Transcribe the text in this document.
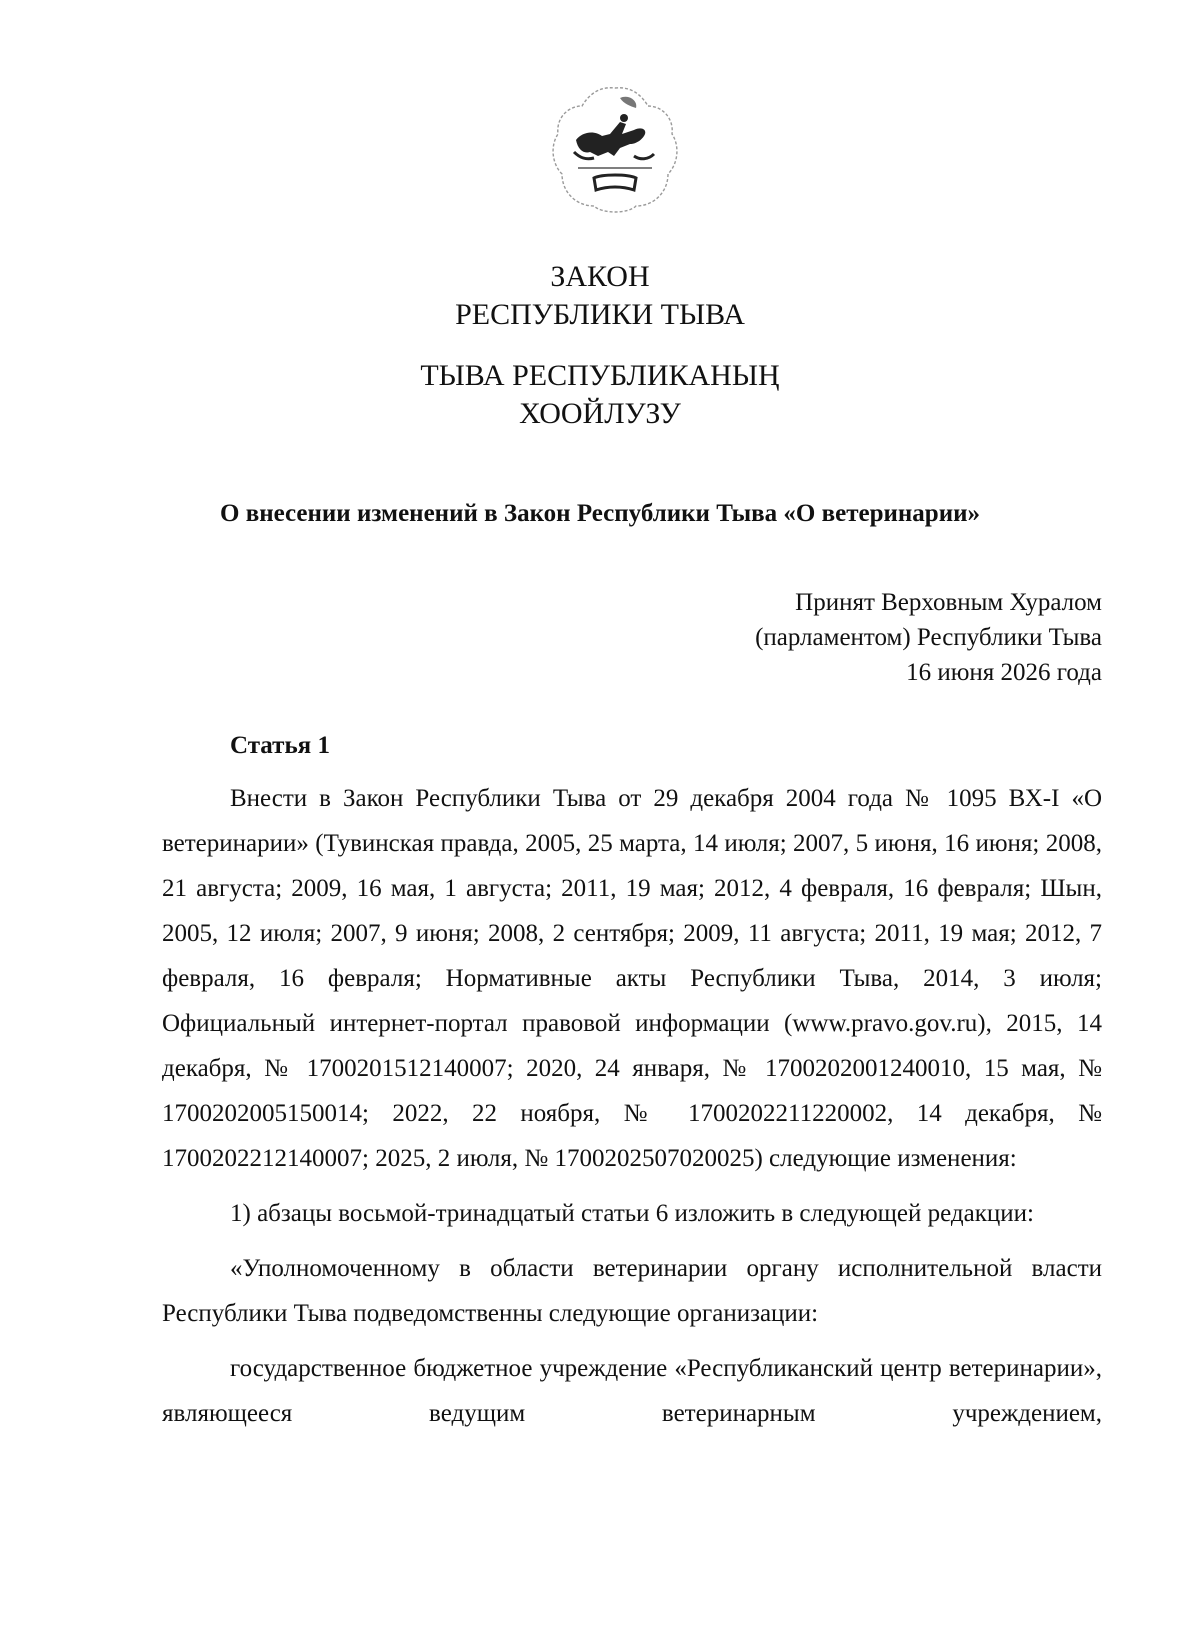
ЗАКОН
РЕСПУБЛИКИ ТЫВА
ТЫВА РЕСПУБЛИКАНЫҢ
ХООЙЛУЗУ
О внесении изменений в Закон Республики Тыва «О ветеринарии»
Принят Верховным Хуралом
(парламентом) Республики Тыва
16 июня 2026 года
Статья 1

Внести в Закон Республики Тыва от 29 декабря 2004 года № 1095 ВХ-I «О ветеринарии» (Тувинская правда, 2005, 25 марта, 14 июля; 2007, 5 июня, 16 июня; 2008, 21 августа; 2009, 16 мая, 1 августа; 2011, 19 мая; 2012, 4 февраля, 16 февраля; Шын, 2005, 12 июля; 2007, 9 июня; 2008, 2 сентября; 2009, 11 августа; 2011, 19 мая; 2012, 7 февраля, 16 февраля; Нормативные акты Республики Тыва, 2014, 3 июля; Официальный интернет-портал правовой информации (www.pravo.gov.ru), 2015, 14 декабря, № 1700201512140007; 2020, 24 января, № 1700202001240010, 15 мая, № 1700202005150014; 2022, 22 ноября, № 1700202211220002, 14 декабря, № 1700202212140007; 2025, 2 июля, № 1700202507020025) следующие изменения:

1) абзацы восьмой-тринадцатый статьи 6 изложить в следующей редакции:

«Уполномоченному в области ветеринарии органу исполнительной власти Республики Тыва подведомственны следующие организации:

государственное бюджетное учреждение «Республиканский центр ветеринарии», являющееся ведущим ветеринарным учреждением,
